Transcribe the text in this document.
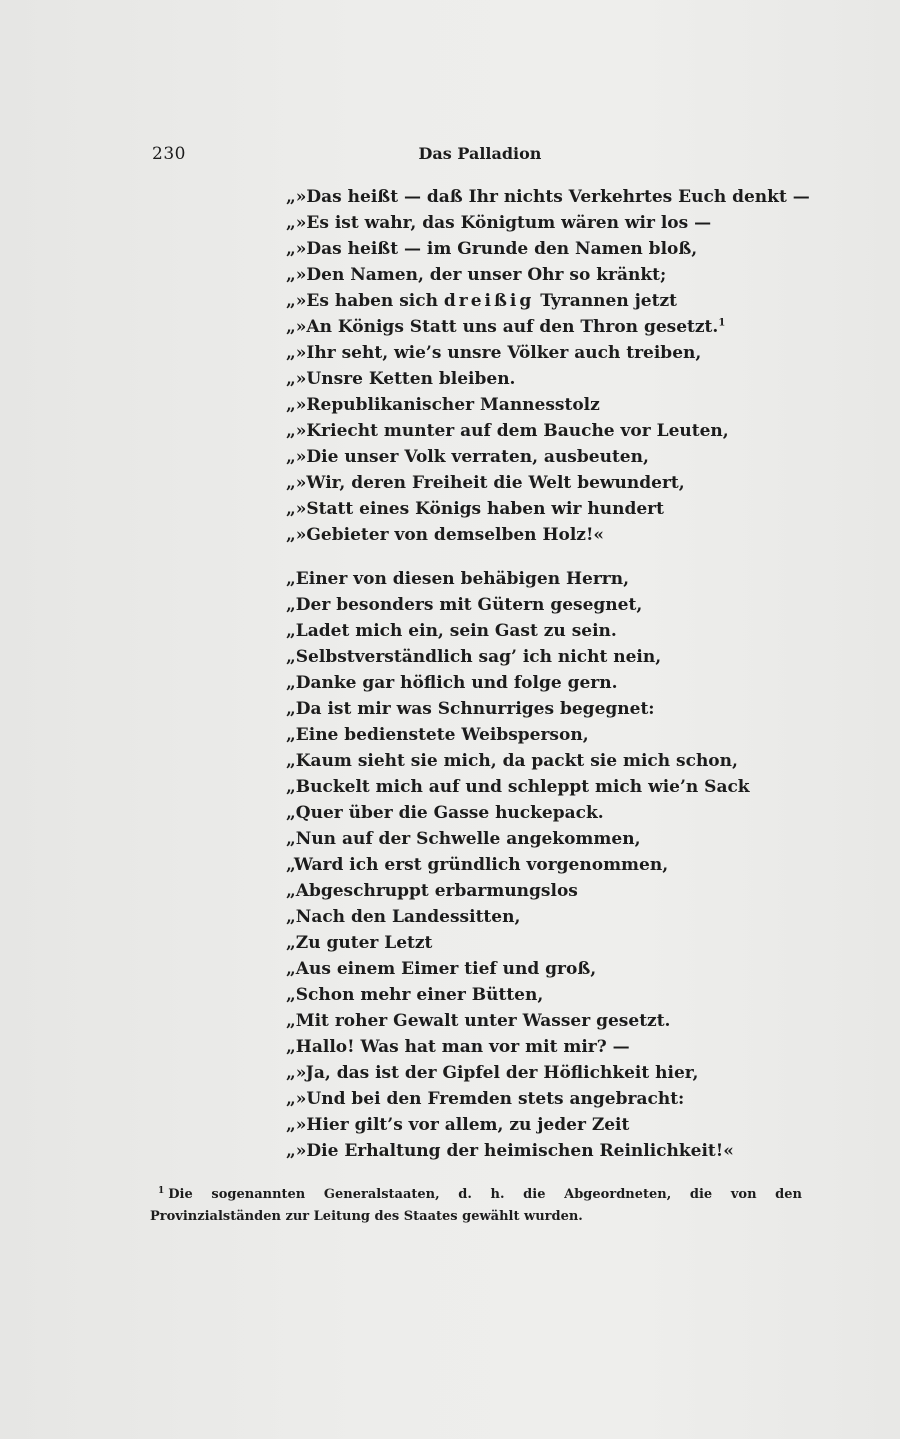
230	Das Palladion
„»Das heißt — daß Ihr nichts Verkehrtes Euch denkt —
„»Es ist wahr, das Königtum wären wir los —
„»Das heißt — im Grunde den Namen bloß,
„»Den Namen, der unser Ohr so kränkt;
„»Es haben sich dreißig Tyrannen jetzt
„»An Königs Statt uns auf den Thron gesetzt.$^1$
„»Ihr seht, wie’s unsre Völker auch treiben,
„»Unsre Ketten bleiben.
„»Republikanischer Mannesstolz
„»Kriecht munter auf dem Bauche vor Leuten,
„»Die unser Volk verraten, ausbeuten,
„»Wir, deren Freiheit die Welt bewundert,
„»Statt eines Königs haben wir hundert
„»Gebieter von demselben Holz!«
„Einer von diesen behäbigen Herrn,
„Der besonders mit Gütern gesegnet,
„Ladet mich ein, sein Gast zu sein.
„Selbstverständlich sag’ ich nicht nein,
„Danke gar höflich und folge gern.
„Da ist mir was Schnurriges begegnet:
„Eine bedienstete Weibsperson,
„Kaum sieht sie mich, da packt sie mich schon,
„Buckelt mich auf und schleppt mich wie’n Sack
„Quer über die Gasse huckepack.
„Nun auf der Schwelle angekommen,
„Ward ich erst gründlich vorgenommen,
„Abgeschruppt erbarmungslos
„Nach den Landessitten,
„Zu guter Letzt
„Aus einem Eimer tief und groß,
„Schon mehr einer Bütten,
„Mit roher Gewalt unter Wasser gesetzt.
„Hallo! Was hat man vor mit mir? —
„»Ja, das ist der Gipfel der Höflichkeit hier,
„»Und bei den Fremden stets angebracht:
„»Hier gilt’s vor allem, zu jeder Zeit
„»Die Erhaltung der heimischen Reinlichkeit!«
$^1$ Die sogenannten Generalstaaten, d. h. die Abgeordneten, die von den Provinzialständen zur Leitung des Staates gewählt wurden.
